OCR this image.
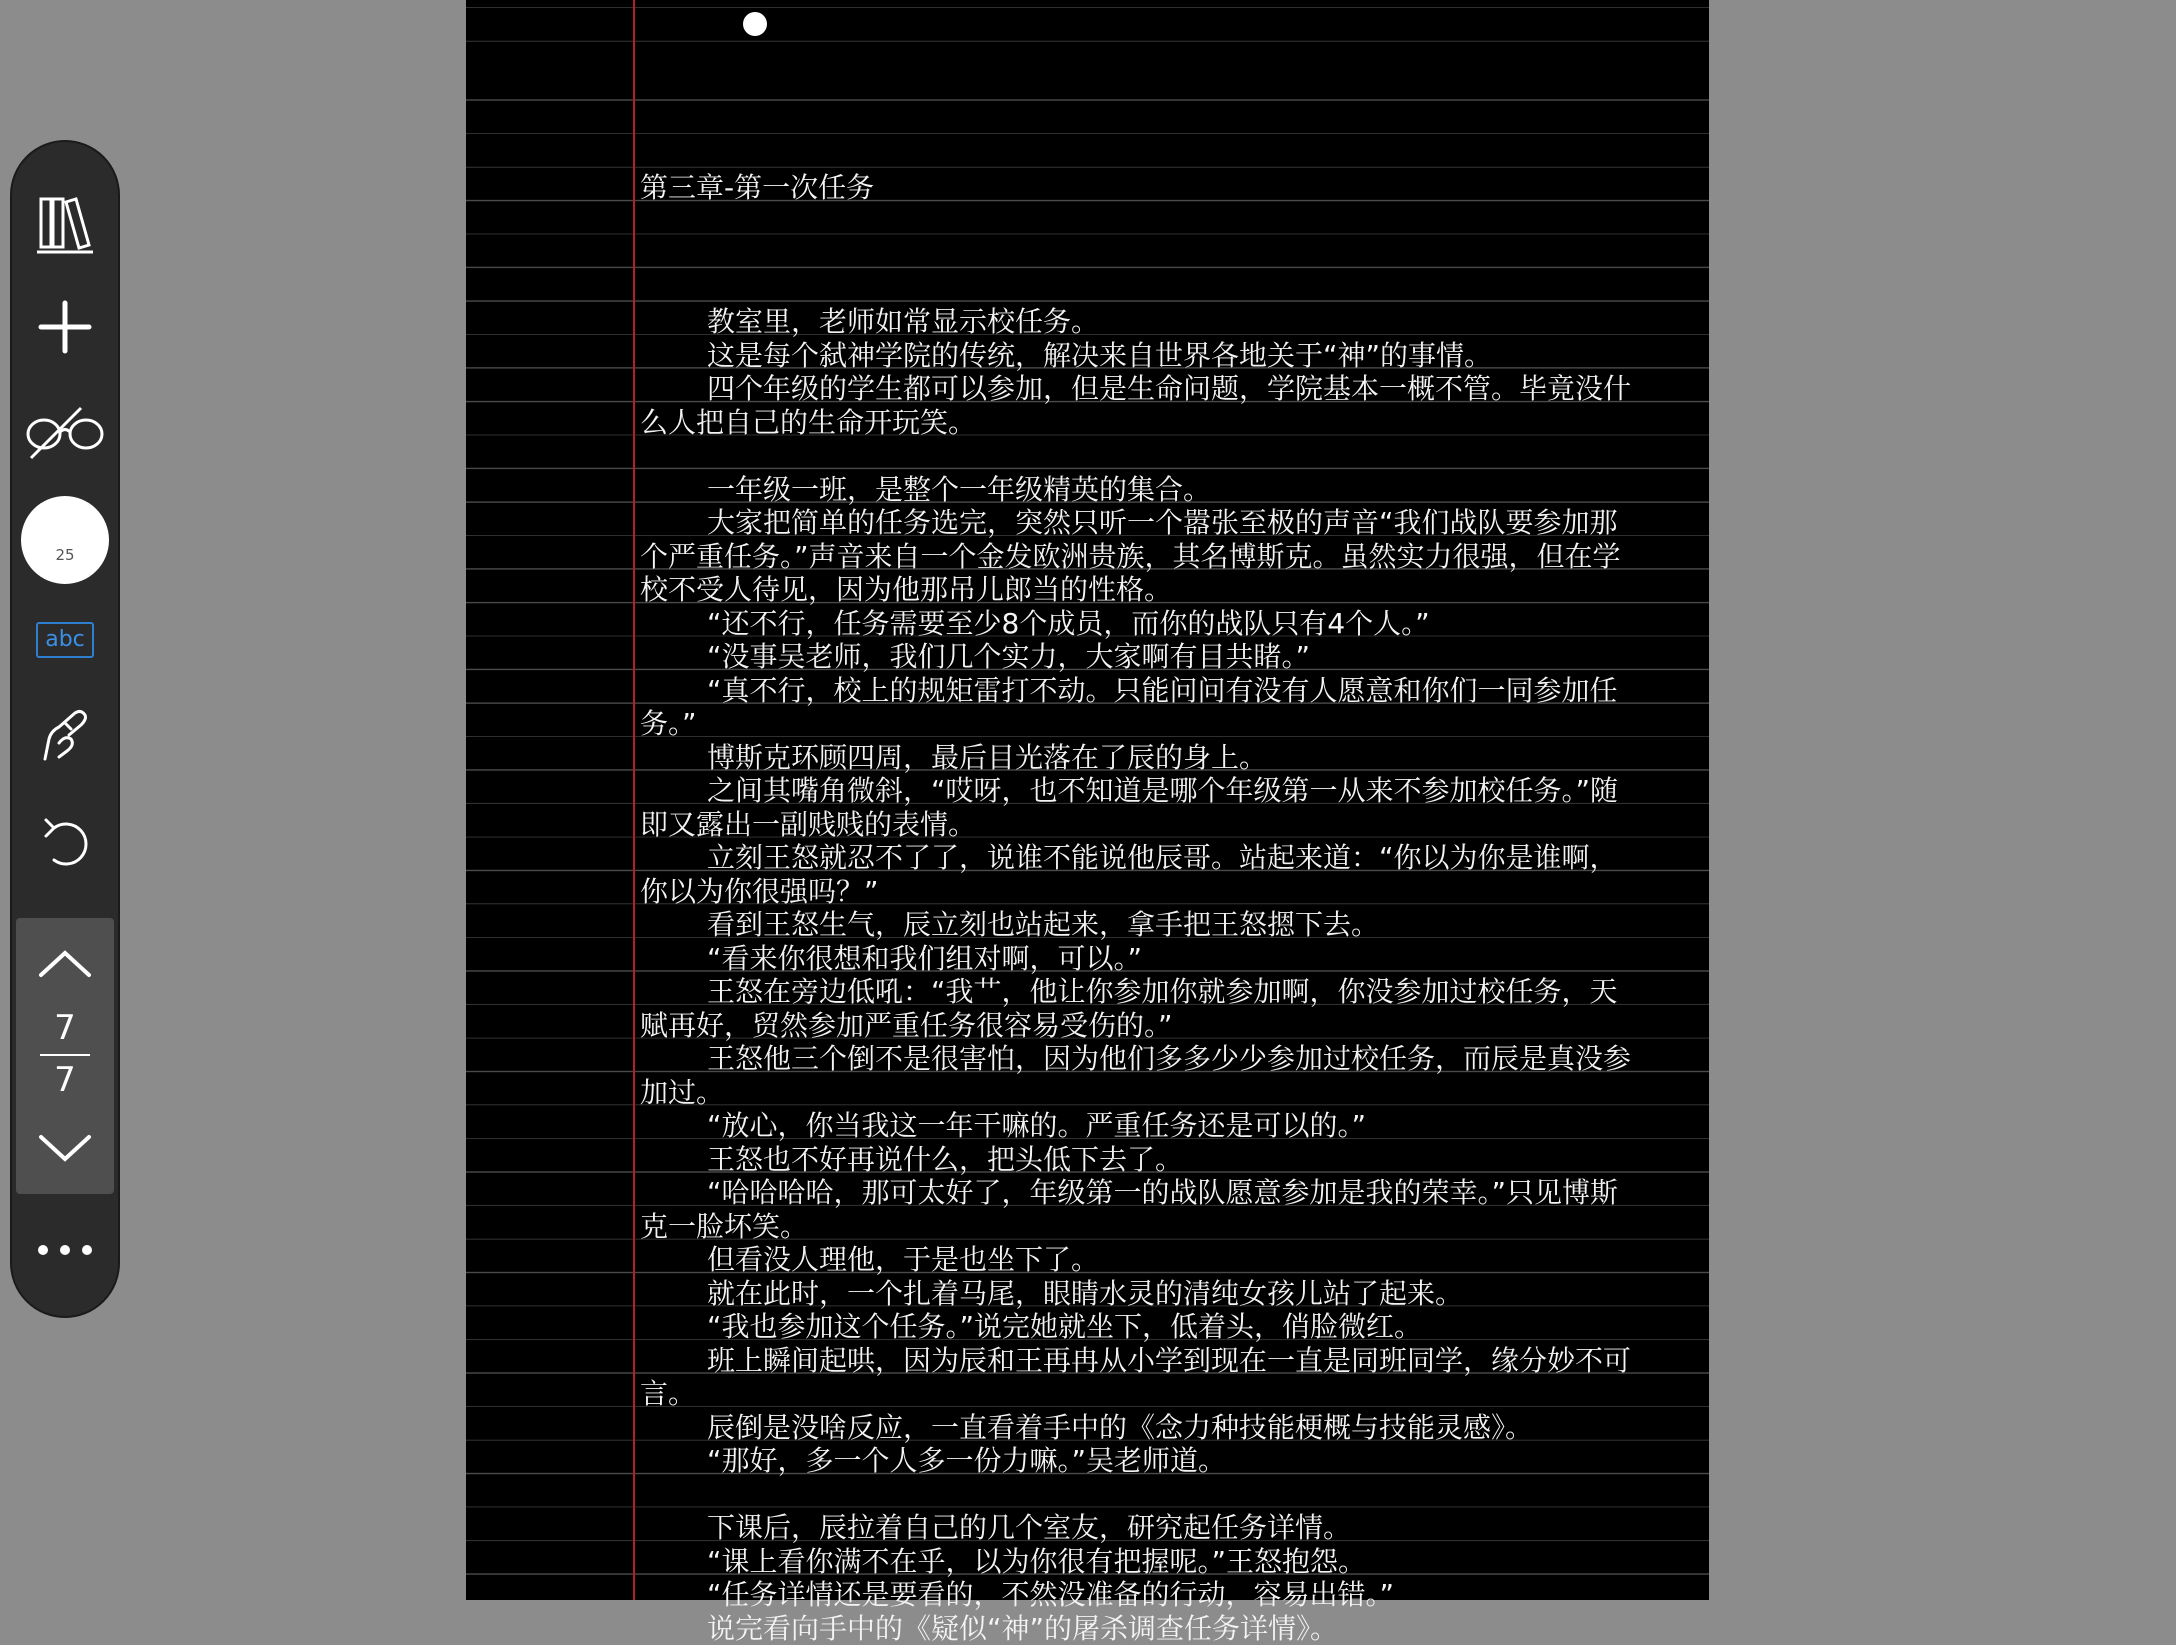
第三章-第一次任务

教室里，老师如常显示校任务。

这是每个弑神学院的传统，解决来自世界各地关于“神”的事情。

四个年级的学生都可以参加，但是生命问题，学院基本一概不管。毕竟没什么人把自己的生命开玩笑。

一年级一班，是整个一年级精英的集合。

大家把简单的任务选完，突然只听一个嚣张至极的声音“我们战队要参加那个严重任务。”声音来自一个金发欧洲贵族，其名博斯克。虽然实力很强，但在学校不受人待见，因为他那吊儿郎当的性格。

“还不行，任务需要至少8个成员，而你的战队只有4个人。”

“没事吴老师，我们几个实力，大家啊有目共睹。”

“真不行，校上的规矩雷打不动。只能问问有没有人愿意和你们一同参加任务。”

博斯克环顾四周，最后目光落在了辰的身上。

之间其嘴角微斜，“哎呀，也不知道是哪个年级第一从来不参加校任务。”随即又露出一副贱贱的表情。

立刻王怒就忍不了了，说谁不能说他辰哥。站起来道：“你以为你是谁啊，你以为你很强吗？”

看到王怒生气，辰立刻也站起来，拿手把王怒摁下去。

“看来你很想和我们组对啊，可以。”

王怒在旁边低吼：“我艹，他让你参加你就参加啊，你没参加过校任务，天赋再好，贸然参加严重任务很容易受伤的。”

王怒他三个倒不是很害怕，因为他们多多少少参加过校任务，而辰是真没参加过。

“放心，你当我这一年干嘛的。严重任务还是可以的。”

王怒也不好再说什么，把头低下去了。

“哈哈哈哈，那可太好了，年级第一的战队愿意参加是我的荣幸。”只见博斯克一脸坏笑。

但看没人理他，于是也坐下了。

就在此时，一个扎着马尾，眼睛水灵的清纯女孩儿站了起来。

“我也参加这个任务。”说完她就坐下，低着头，俏脸微红。

班上瞬间起哄，因为辰和王再冉从小学到现在一直是同班同学，缘分妙不可言。

辰倒是没啥反应，一直看着手中的《念力种技能梗概与技能灵感》。

“那好，多一个人多一份力嘛。”吴老师道。

下课后，辰拉着自己的几个室友，研究起任务详情。

“课上看你满不在乎，以为你很有把握呢。”王怒抱怨。

“任务详情还是要看的，不然没准备的行动，容易出错。”

说完看向手中的《疑似“神”的屠杀调查任务详情》。

25
abc
7
7
